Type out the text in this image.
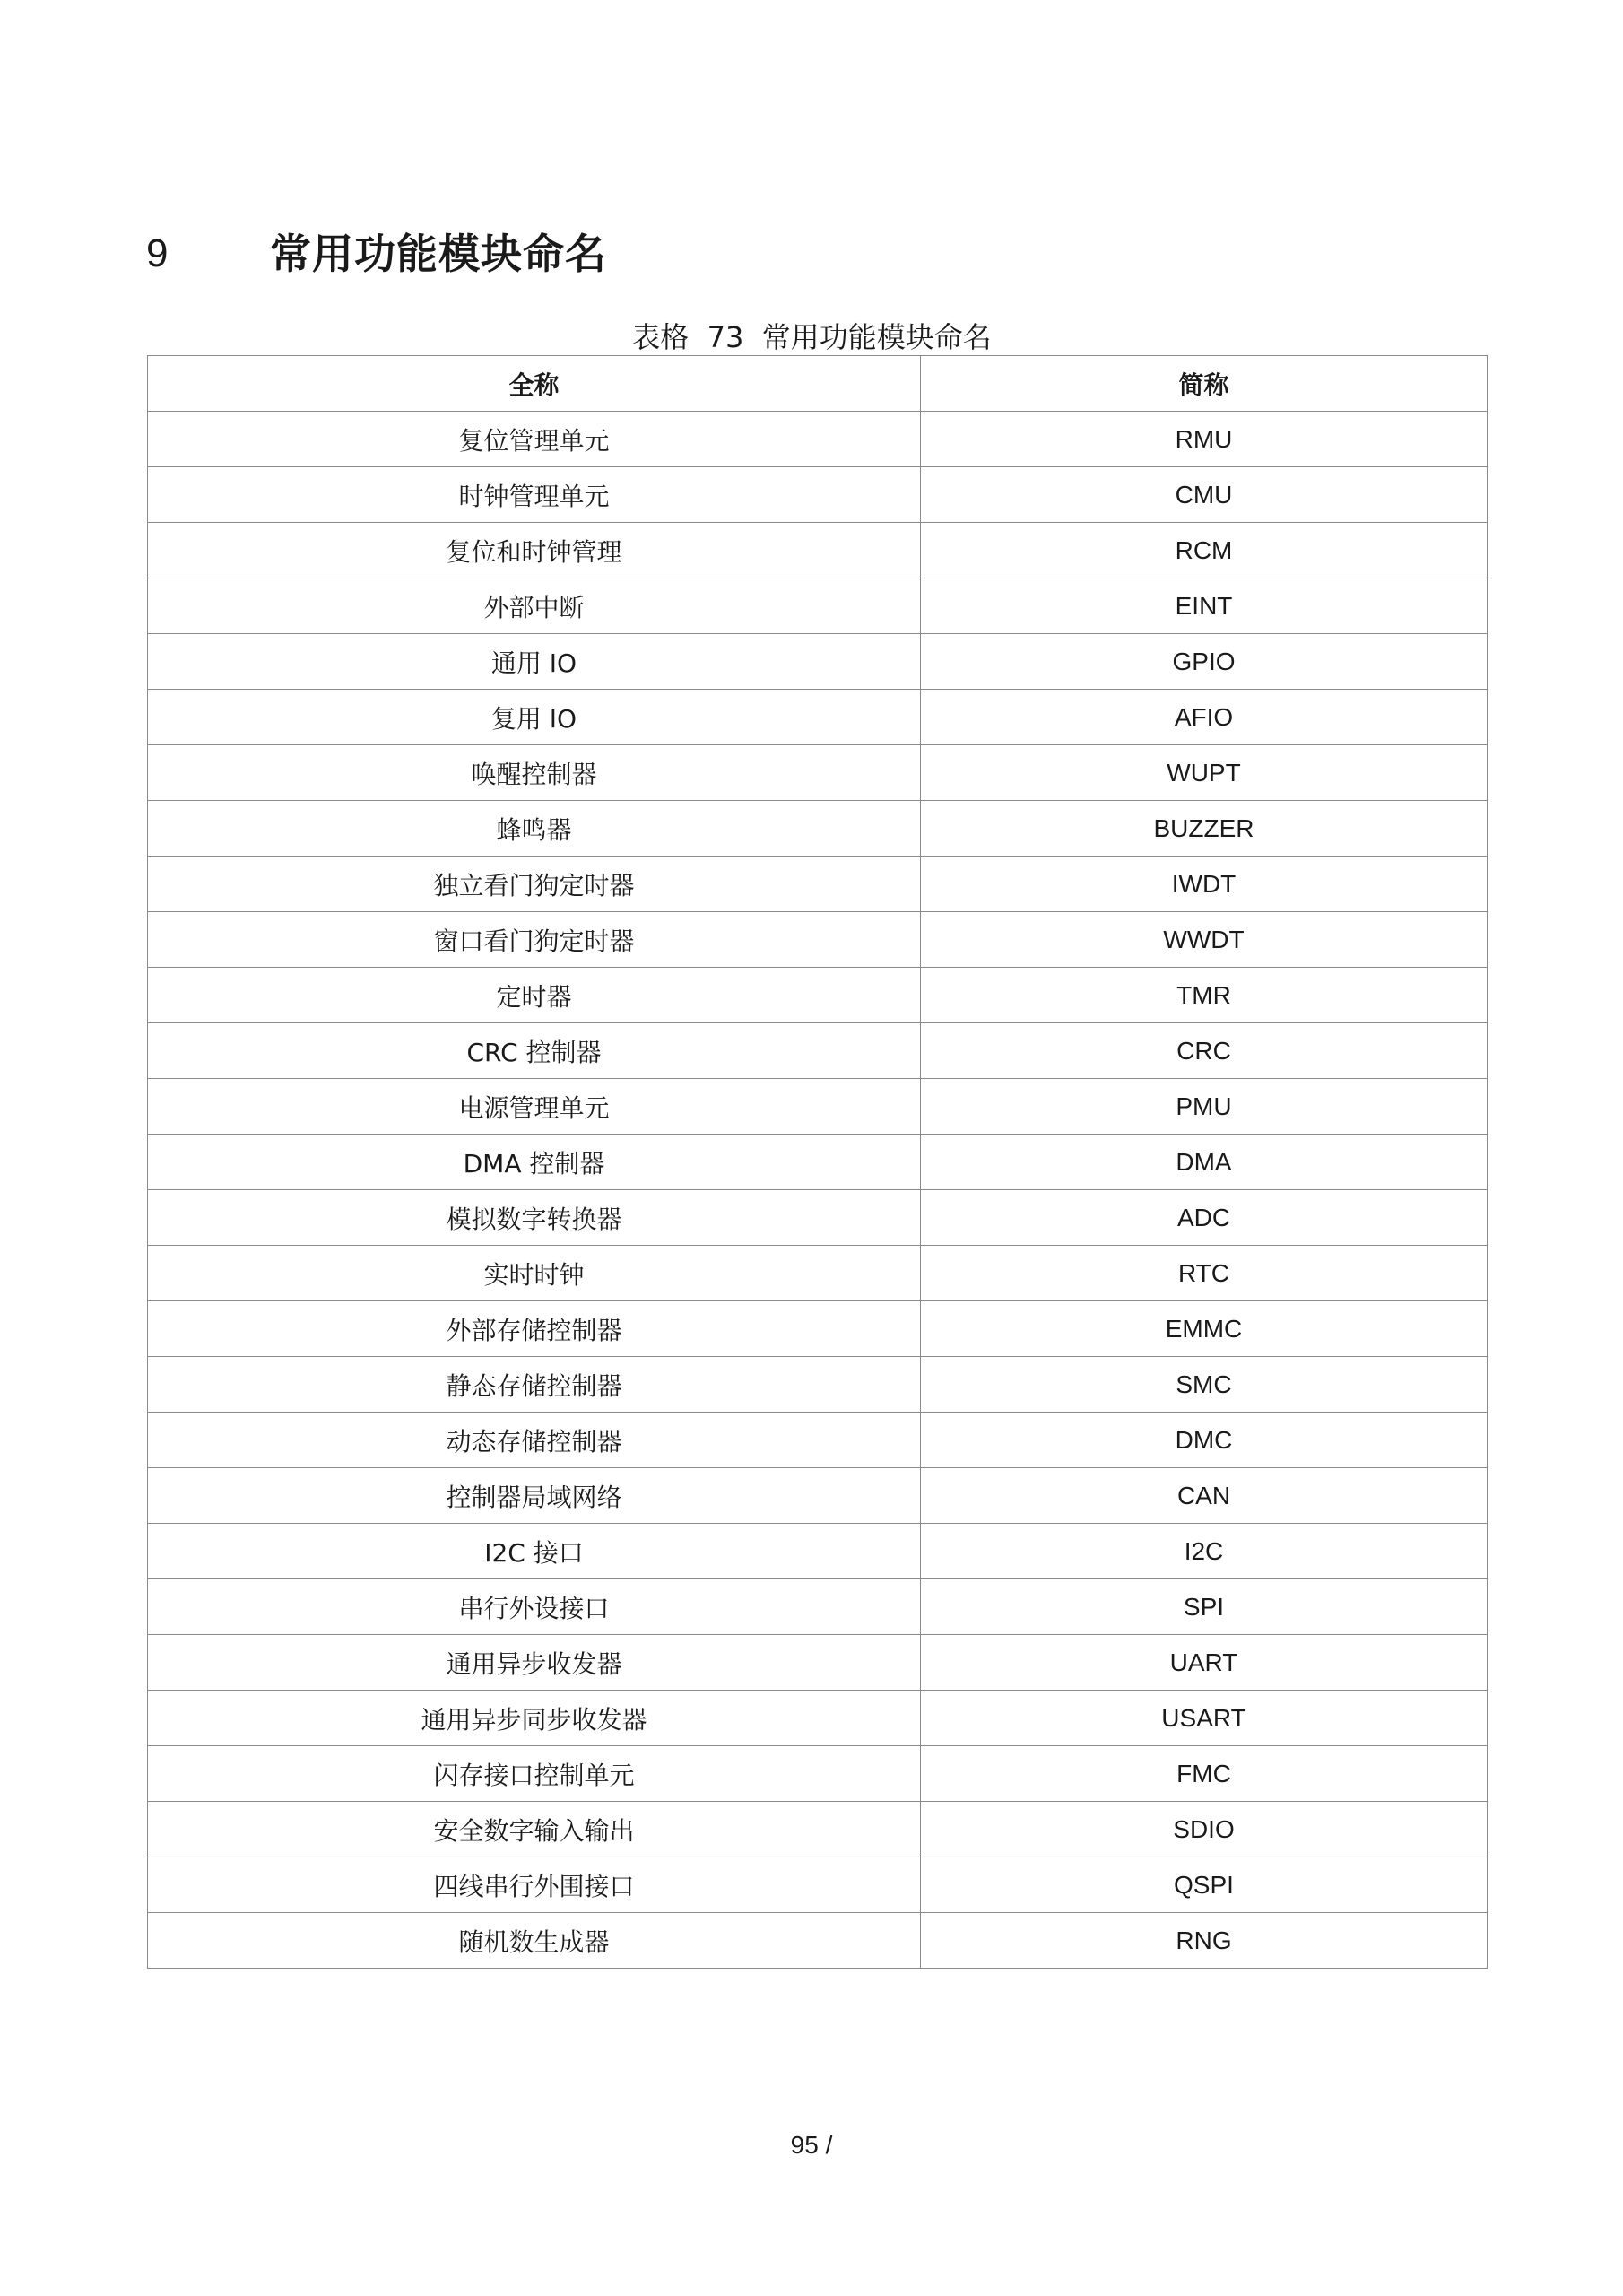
9	常用功能模块命名
表格  73  常用功能模块命名
全称	简称
复位管理单元	RMU
时钟管理单元	CMU
复位和时钟管理	RCM
外部中断	EINT
通用 IO	GPIO
复用 IO	AFIO
唤醒控制器	WUPT
蜂鸣器	BUZZER
独立看门狗定时器	IWDT
窗口看门狗定时器	WWDT
定时器	TMR
CRC 控制器	CRC
电源管理单元	PMU
DMA 控制器	DMA
模拟数字转换器	ADC
实时时钟	RTC
外部存储控制器	EMMC
静态存储控制器	SMC
动态存储控制器	DMC
控制器局域网络	CAN
I2C 接口	I2C
串行外设接口	SPI
通用异步收发器	UART
通用异步同步收发器	USART
闪存接口控制单元	FMC
安全数字输入输出	SDIO
四线串行外围接口	QSPI
随机数生成器	RNG
95 /
